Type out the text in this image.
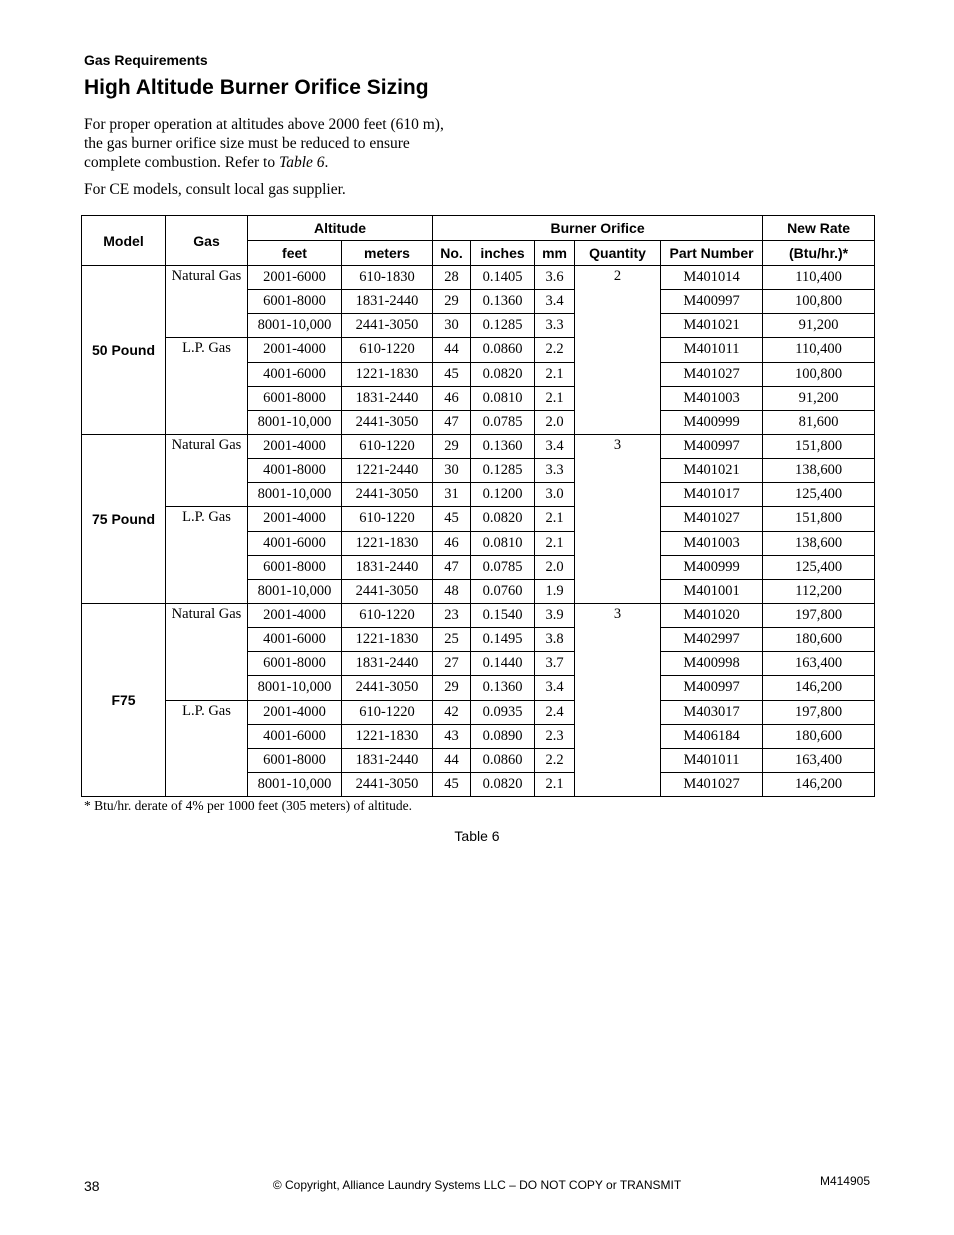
Gas Requirements
High Altitude Burner Orifice Sizing

For proper operation at altitudes above 2000 feet (610 m), the gas burner orifice size must be reduced to ensure complete combustion. Refer to Table 6.

For CE models, consult local gas supplier.

Model	Gas	Altitude		Burner Orifice					New Rate
		feet	meters	No.	inches	mm	Quantity	Part Number	(Btu/hr.)*
50 Pound	Natural Gas	2001-6000	610-1830	28	0.1405	3.6	2	M401014	110,400
		6001-8000	1831-2440	29	0.1360	3.4		M400997	100,800
		8001-10,000	2441-3050	30	0.1285	3.3		M401021	91,200
	L.P. Gas	2001-4000	610-1220	44	0.0860	2.2		M401011	110,400
		4001-6000	1221-1830	45	0.0820	2.1		M401027	100,800
		6001-8000	1831-2440	46	0.0810	2.1		M401003	91,200
		8001-10,000	2441-3050	47	0.0785	2.0		M400999	81,600
75 Pound	Natural Gas	2001-4000	610-1220	29	0.1360	3.4	3	M400997	151,800
		4001-8000	1221-2440	30	0.1285	3.3		M401021	138,600
		8001-10,000	2441-3050	31	0.1200	3.0		M401017	125,400
	L.P. Gas	2001-4000	610-1220	45	0.0820	2.1		M401027	151,800
		4001-6000	1221-1830	46	0.0810	2.1		M401003	138,600
		6001-8000	1831-2440	47	0.0785	2.0		M400999	125,400
		8001-10,000	2441-3050	48	0.0760	1.9		M401001	112,200
F75	Natural Gas	2001-4000	610-1220	23	0.1540	3.9	3	M401020	197,800
		4001-6000	1221-1830	25	0.1495	3.8		M402997	180,600
		6001-8000	1831-2440	27	0.1440	3.7		M400998	163,400
		8001-10,000	2441-3050	29	0.1360	3.4		M400997	146,200
	L.P. Gas	2001-4000	610-1220	42	0.0935	2.4		M403017	197,800
		4001-6000	1221-1830	43	0.0890	2.3		M406184	180,600
		6001-8000	1831-2440	44	0.0860	2.2		M401011	163,400
		8001-10,000	2441-3050	45	0.0820	2.1		M401027	146,200

* Btu/hr. derate of 4% per 1000 feet (305 meters) of altitude.

Table 6

38	© Copyright, Alliance Laundry Systems LLC – DO NOT COPY or TRANSMIT	M414905
